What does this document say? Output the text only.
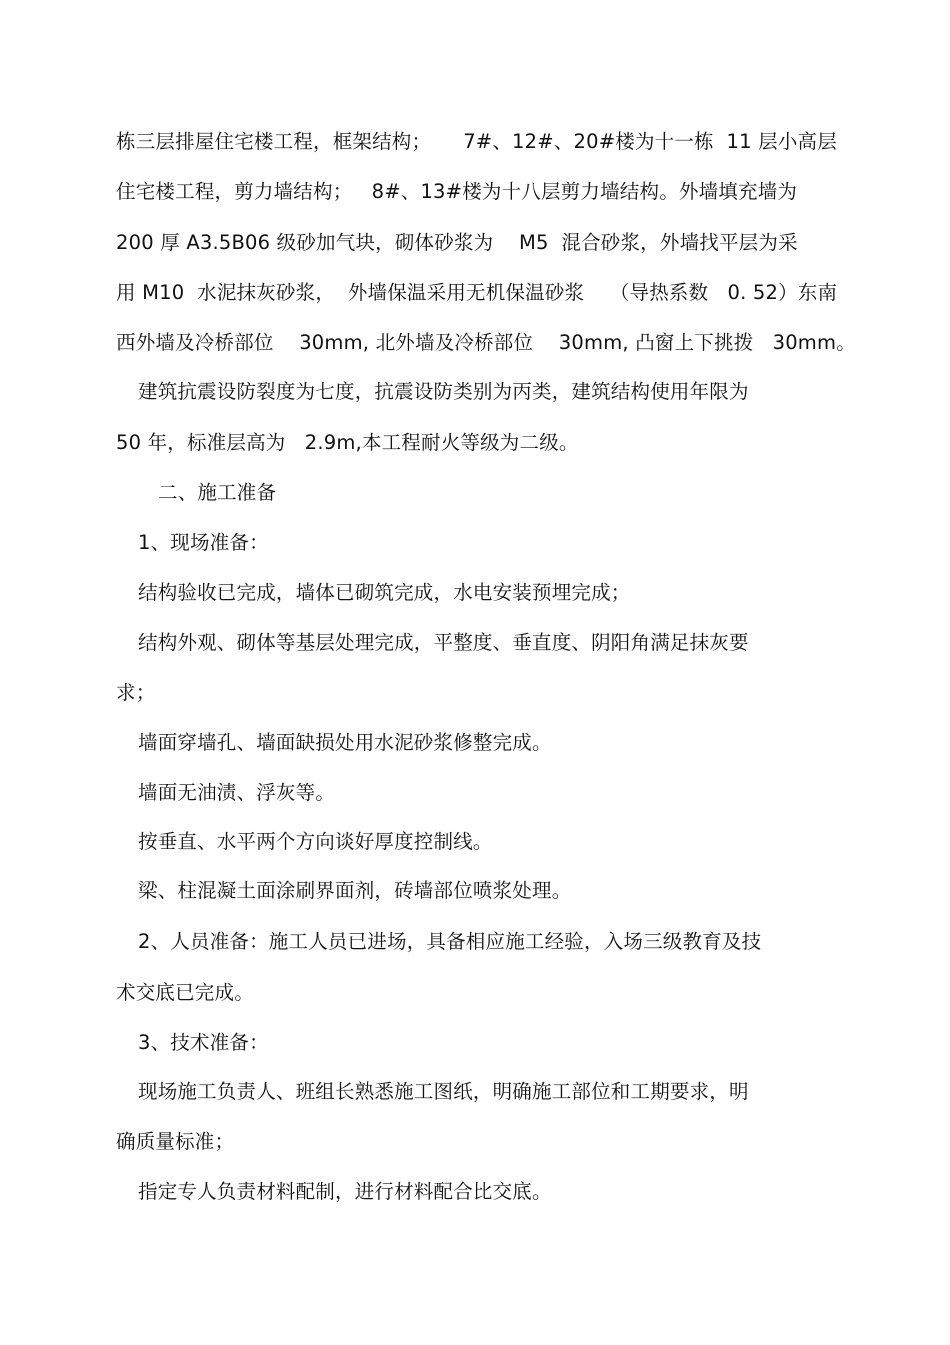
栋三层排屋住宅楼工程，框架结构；     7#、12#、20#楼为十一栋  11 层小高层
住宅楼工程，剪力墙结构；   8#、13#楼为十八层剪力墙结构。外墙填充墙为
200 厚 A3.5B06 级砂加气块，砌体砂浆为    M5  混合砂浆，外墙找平层为采
用 M10  水泥抹灰砂浆，  外墙保温采用无机保温砂浆    （导热系数   0. 52）东南
西外墙及冷桥部位    30mm, 北外墙及冷桥部位    30mm, 凸窗上下挑拨   30mm。
建筑抗震设防裂度为七度，抗震设防类别为丙类，建筑结构使用年限为
50 年，标准层高为   2.9m,本工程耐火等级为二级。
二、施工准备
1、现场准备：
结构验收已完成，墙体已砌筑完成，水电安装预埋完成；
结构外观、砌体等基层处理完成，平整度、垂直度、阴阳角满足抹灰要
求；
墙面穿墙孔、墙面缺损处用水泥砂浆修整完成。
墙面无油渍、浮灰等。
按垂直、水平两个方向谈好厚度控制线。
梁、柱混凝土面涂刷界面剂，砖墙部位喷浆处理。
2、人员准备：施工人员已进场，具备相应施工经验，入场三级教育及技
术交底已完成。
3、技术准备：
现场施工负责人、班组长熟悉施工图纸，明确施工部位和工期要求，明
确质量标准；
指定专人负责材料配制，进行材料配合比交底。
